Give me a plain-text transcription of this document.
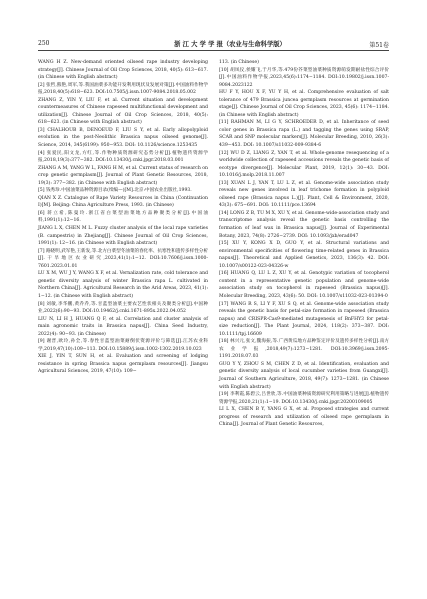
250	浙 江 大 学 学 报（农业与生命科学版）	第51卷

WANG H Z. New-demand oriented oilseed rape industry developing strategy[J]. Chinese Journal of Oil Crop Sciences, 2018, 40(5): 613−617. (in Chinese with English abstract)

[2] 张哲,熊艳,周军,等.我国油菜多功能开发利用现状及发展对策[J].中国油料作物学报,2018,40(5):618−623. DOI:10.7505/j.issn.1007-9084.2018.05.002

ZHANG Z, YIN Y, LIU F, et al. Current situation and development countermeasures of Chinese rapeseed multifunctional development and utilization[J]. Chinese Journal of Oil Crop Sciences, 2018, 40(5): 618−623. (in Chinese with English abstract)

[3] CHALHOUB B, DENOEUD F, LIU S Y, et al. Early allopolyploid evolution in the post-Neolithic Brassica napus oilseed genome[J]. Science, 2014, 345(6199): 950−953. DOI: 10.1126/science.1253435

[4] 张爱民,阳文龙,方红,等.作物种质资源研究态势分析[J].植物遗传资源学报,2018,19(3):377−382. DOI:10.13430/j.cnki.jpgr.2018.03.001

ZHANG A M, YANG W L, FANG H M, et al. Current status of research on crop genetic germplasm[J]. Journal of Plant Genetic Resources, 2018, 19(3): 377−382. (in Chinese with English abstract)

[5] 钱秀珍.中国油菜品种资源目录(续编—)[M].北京:中国农业出版社,1993.

QIAN X Z. Catalogue of Rape Variety Resources in China (Continuation I)[M]. Beijing: China Agriculture Press, 1993. (in Chinese)

[6] 蒋立希,陈曼玲.浙江省白菜型油菜地方品种聚类分析[J].中国油料,1991(1):12−16.

JIANG L X, CHEN M L. Fuzzy cluster analysis of the local rape varieties (B. campestris) in Zhejiang[J]. Chinese Journal of Oil Crop Sciences, 1991(1): 12−16. (in Chinese with English abstract)

[7] 路晓明,武军艳,王新发,等.北方白菜型冬油菜的春化率、抗寒性和遗传多样性分析[J].干旱地区农业研究,2023,41(1):1−12. DOI:10.7606/j.issn.1000-7601.2023.01.01

LU X M, WU J Y, WANG X F, et al. Vernalization rate, cold tolerance and genetic diversity analysis of winter Brassica rapa L. cultivated in Northern China[J]. Agricultural Research in the Arid Areas, 2023, 41(1): 1−12. (in Chinese with English abstract)

[8] 刘敏,李华鹏,黄乔乔,等.甘蓝型油菜主要农艺性状相关及聚类分析[J].中国种业,2022(6):90−93. DOI:10.19462/j.cnki.1671-895x.2022.04.052

LIU N, LI H J, HUANG Q F, et al. Correlation and cluster analysis of main agronomic traits in Brassica napus[J]. China Seed Industry, 2022(4): 90−93. (in Chinese)

[9] 谢晋,欧玲,孙全,等.春性甘蓝型油菜耐倒伏资源评价与筛选[J].江苏农业科学,2019,47(10):109−113. DOI:10.15889/j.issn.1002-1302.2019.10.023

XIE J, YIN T, SUN H, et al. Evaluation and screening of lodging resistance in spring Brassica napus germplasm resources[J]. Jiangsu Agricultural Sciences, 2019, 47(10): 109−

113. (in Chinese)

[10] 胡凤仪,侯耀飞,于月华,等.479份芥菜型油菜种质资源萌发期耐盐性综合评价[J].中国油料作物学报,2023,45(6):1174−1184. DOI:10.19802/j.issn.1007-9084.2023122

HU F Y, HOU X F, YU Y H, et al. Comprehensive evaluation of salt tolerance of 479 Brassica juncea germplasm resources at germination stage[J]. Chinese Journal of Oil Crop Sciences, 2023, 45(6): 1174−1184. (in Chinese with English abstract)

[11] RAHMAN M, LI G Y, SCHROEDER D, et al. Inheritance of seed color genes in Brassica rapa (L.) and tagging the genes using SRAP, SCAR and SNP molecular markers[J]. Molecular Breeding, 2010, 26(3): 439−453. DOI: 10.1007/s11032-009-9384-6

[12] WU D Z, LIANG Z, YAN T, et al. Whole-genome resequencing of a worldwide collection of rapeseed accessions reveals the genetic basis of ecotype divergence[J]. Molecular Plant, 2019, 12(1): 30−43. DOI: 10.1016/j.molp.2018.11.007

[13] XUAN L J, YAN T, LU L Z, et al. Genome-wide association study reveals new genes involved in leaf trichome formation in polyploid oilseed rape (Brassica napus L.)[J]. Plant, Cell & Environment, 2020, 43(3): 675−691. DOI: 10.1111/pce.13694

[14] LONG Z B, TU M X, XU Y, et al. Genome-wide-association study and transcriptome analysis reveal the genetic basis controlling the formation of leaf wax in Brassica napus[J]. Journal of Experimental Botany, 2023, 74(8): 2726−2739. DOI: 10.1093/jxb/erad047

[15] XU Y, KONG X D, GUO Y, et al. Structural variations and environmental specificities of flowering time-related genes in Brassica napus[J]. Theoretical and Applied Genetics, 2023, 136(3): 42. DOI: 10.1007/s00122-023-04326-w

[16] HUANG Q, LU L Z, XU Y, et al. Genotypic variation of tocopherol content in a representative genetic population and genome-wide association study on tocopherol in rapeseed (Brassica napus)[J]. Molecular Breeding, 2023, 43(6): 50. DOI: 10.1007/s11032-023-01394-0

[17] WANG R S, LI Y F, XU S Q, et al. Genome-wide association study reveals the genetic basis for petal-size formation in rapeseed (Brassica napus) and CRISPR-Cas9-mediated mutagenesis of BnFHY3 for petal-size reduction[J]. The Plant Journal, 2024, 118(2): 373−387. DOI: 10.1111/tpj.16609

[18] 林兴元,张文,魏海振,等.广西黄瓜地方品种鉴定评价及遗传多样性分析[J].南方农业学报,2018,49(7):1273−1281. DOI:10.3969/j.issn.2095-1191.2018.07.03

GUO Y Y, ZHOU S M, CHEN Z D, et al. Identification, evaluation and genetic diversity analysis of local cucumber varieties from Guangxi[J]. Journal of Southern Agriculture, 2018, 49(7): 1273−1281. (in Chinese with English abstract)

[19] 李利霞,陈碧云,吕世欣,等.中国油菜种质资源研究利用策略与进展[J].植物遗传资源学报,2020,21(1):1−19. DOI:10.13430/j.cnki.jpgr.20200109005

LI L X, CHEN B Y, YANG G X, et al. Proposed strategies and current progress of research and utilization of oilseed rape germplasm in China[J]. Journal of Plant Genetic Resources,
